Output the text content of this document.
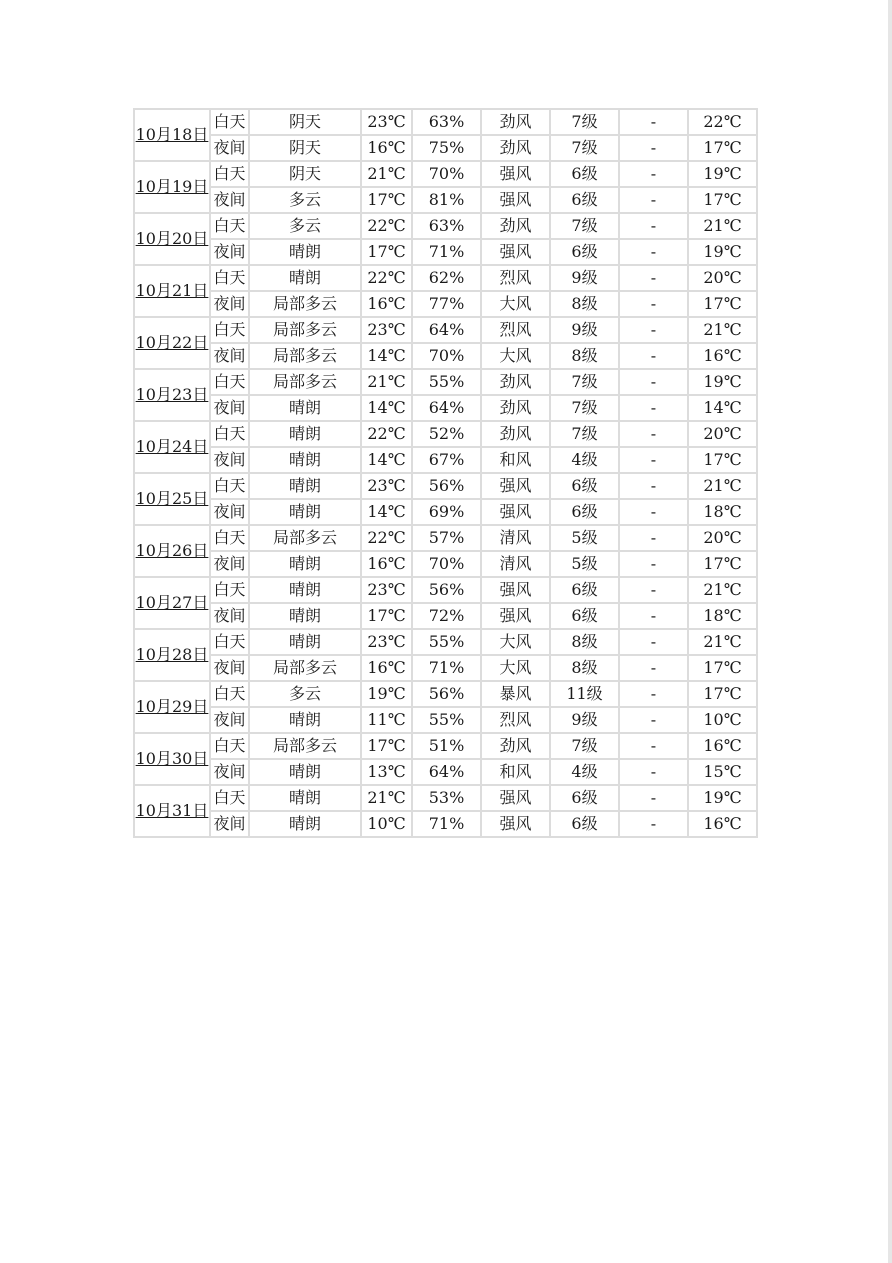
10月18日	白天	阴天	23℃	63%	劲风	7级	-	22℃
	夜间	阴天	16℃	75%	劲风	7级	-	17℃
10月19日	白天	阴天	21℃	70%	强风	6级	-	19℃
	夜间	多云	17℃	81%	强风	6级	-	17℃
10月20日	白天	多云	22℃	63%	劲风	7级	-	21℃
	夜间	晴朗	17℃	71%	强风	6级	-	19℃
10月21日	白天	晴朗	22℃	62%	烈风	9级	-	20℃
	夜间	局部多云	16℃	77%	大风	8级	-	17℃
10月22日	白天	局部多云	23℃	64%	烈风	9级	-	21℃
	夜间	局部多云	14℃	70%	大风	8级	-	16℃
10月23日	白天	局部多云	21℃	55%	劲风	7级	-	19℃
	夜间	晴朗	14℃	64%	劲风	7级	-	14℃
10月24日	白天	晴朗	22℃	52%	劲风	7级	-	20℃
	夜间	晴朗	14℃	67%	和风	4级	-	17℃
10月25日	白天	晴朗	23℃	56%	强风	6级	-	21℃
	夜间	晴朗	14℃	69%	强风	6级	-	18℃
10月26日	白天	局部多云	22℃	57%	清风	5级	-	20℃
	夜间	晴朗	16℃	70%	清风	5级	-	17℃
10月27日	白天	晴朗	23℃	56%	强风	6级	-	21℃
	夜间	晴朗	17℃	72%	强风	6级	-	18℃
10月28日	白天	晴朗	23℃	55%	大风	8级	-	21℃
	夜间	局部多云	16℃	71%	大风	8级	-	17℃
10月29日	白天	多云	19℃	56%	暴风	11级	-	17℃
	夜间	晴朗	11℃	55%	烈风	9级	-	10℃
10月30日	白天	局部多云	17℃	51%	劲风	7级	-	16℃
	夜间	晴朗	13℃	64%	和风	4级	-	15℃
10月31日	白天	晴朗	21℃	53%	强风	6级	-	19℃
	夜间	晴朗	10℃	71%	强风	6级	-	16℃
